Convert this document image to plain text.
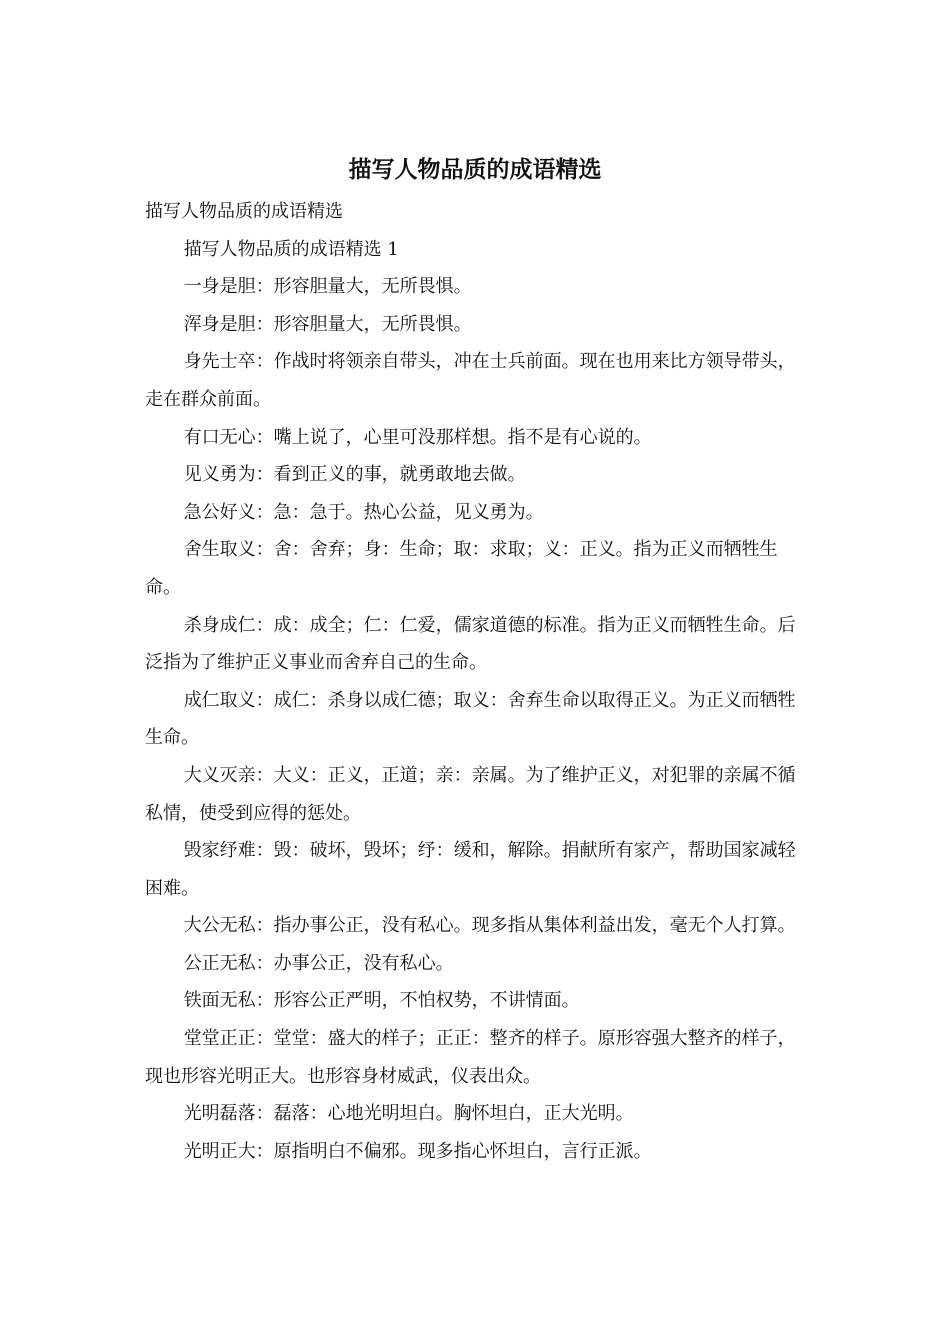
描写人物品质的成语精选

描写人物品质的成语精选

描写人物品质的成语精选 1

一身是胆：形容胆量大，无所畏惧。

浑身是胆：形容胆量大，无所畏惧。

身先士卒：作战时将领亲自带头，冲在士兵前面。现在也用来比方领导带头，走在群众前面。

有口无心：嘴上说了，心里可没那样想。指不是有心说的。

见义勇为：看到正义的事，就勇敢地去做。

急公好义：急：急于。热心公益，见义勇为。

舍生取义：舍：舍弃；身：生命；取：求取；义：正义。指为正义而牺牲生命。

杀身成仁：成：成全；仁：仁爱，儒家道德的标准。指为正义而牺牲生命。后泛指为了维护正义事业而舍弃自己的生命。

成仁取义：成仁：杀身以成仁德；取义：舍弃生命以取得正义。为正义而牺牲生命。

大义灭亲：大义：正义，正道；亲：亲属。为了维护正义，对犯罪的亲属不循私情，使受到应得的惩处。

毁家纾难：毁：破坏，毁坏；纾：缓和，解除。捐献所有家产，帮助国家减轻困难。

大公无私：指办事公正，没有私心。现多指从集体利益出发，毫无个人打算。

公正无私：办事公正，没有私心。

铁面无私：形容公正严明，不怕权势，不讲情面。

堂堂正正：堂堂：盛大的样子；正正：整齐的样子。原形容强大整齐的样子，现也形容光明正大。也形容身材威武，仪表出众。

光明磊落：磊落：心地光明坦白。胸怀坦白，正大光明。

光明正大：原指明白不偏邪。现多指心怀坦白，言行正派。
